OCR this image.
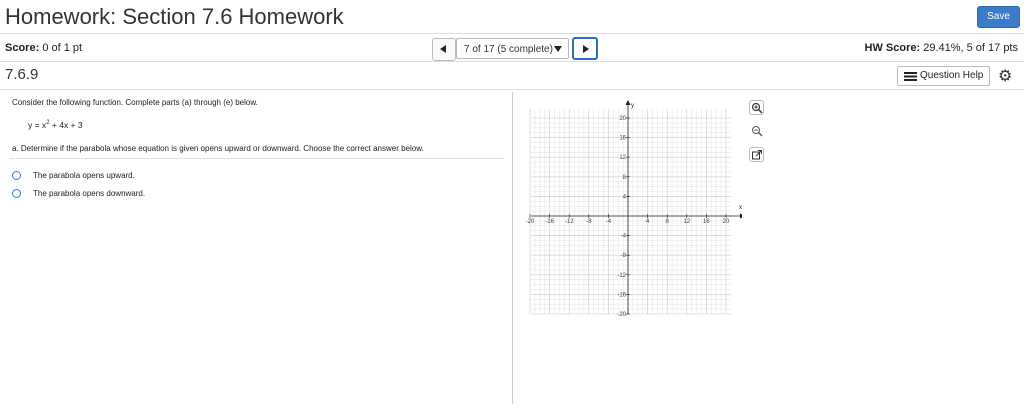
Homework: Section 7.6 Homework	Save
Score: 0 of 1 pt	7 of 17 (5 complete)	HW Score: 29.41%, 5 of 17 pts
7.6.9	Question Help ⚙
Consider the following function. Complete parts (a) through (e) below.
$y = x^2 + 4x + 3$
a. Determine if the parabola whose equation is given opens upward or downward. Choose the correct answer below.
The parabola opens upward.
The parabola opens downward.
-20 -16 -12 -8 -4	4	8 12 16 20
20
16
12
8
4
-4
-8
-12
-16
-20
x
y
